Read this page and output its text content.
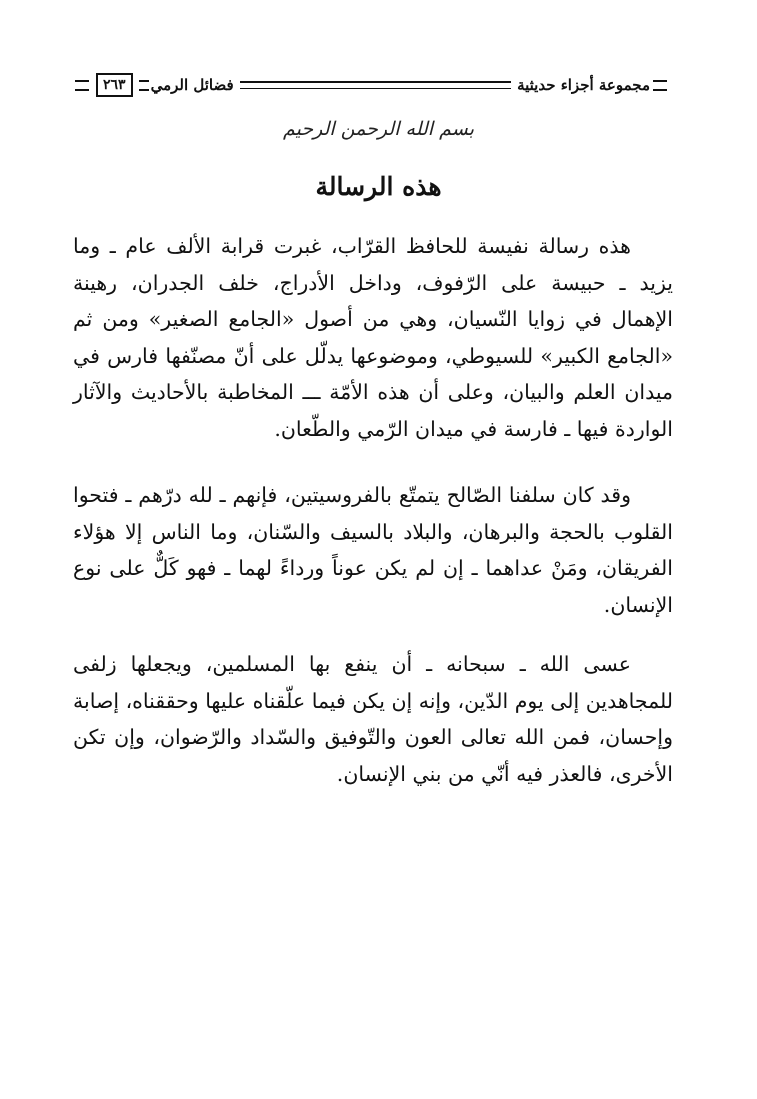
مجموعة أجزاء حديثية
فضائل الرمي
٢٦٣
بسم الله الرحمن الرحيم
هذه الرسالة

هذه رسالة نفيسة للحافظ القرّاب، غبرت قرابة الألف عام ـ وما يزيد ـ حبيسة على الرّفوف، وداخل الأدراج، خلف الجدران، رهينة الإهمال في زوايا النّسيان، وهي من أصول «الجامع الصغير» ومن ثم «الجامع الكبير» للسيوطي، وموضوعها يدلّل على أنّ مصنّفها فارس في ميدان العلم والبيان، وعلى أن هذه الأمّة ـــ المخاطبة بالأحاديث والآثار الواردة فيها ـ فارسة في ميدان الرّمي والطّعان.

وقد كان سلفنا الصّالح يتمتّع بالفروسيتين، فإنهم ـ لله درّهم ـ فتحوا القلوب بالحجة والبرهان، والبلاد بالسيف والسّنان، وما الناس إلا هؤلاء الفريقان، ومَنْ عداهما ـ إن لم يكن عوناً ورداءً لهما ـ فهو كَلٌّ على نوع الإنسان.

عسى الله ـ سبحانه ـ أن ينفع بها المسلمين، ويجعلها زلفى للمجاهدين إلى يوم الدّين، وإنه إن يكن فيما علّقناه عليها وحققناه، إصابة وإحسان، فمن الله تعالى العون والتّوفيق والسّداد والرّضوان، وإن تكن الأخرى، فالعذر فيه أنّي من بني الإنسان.
